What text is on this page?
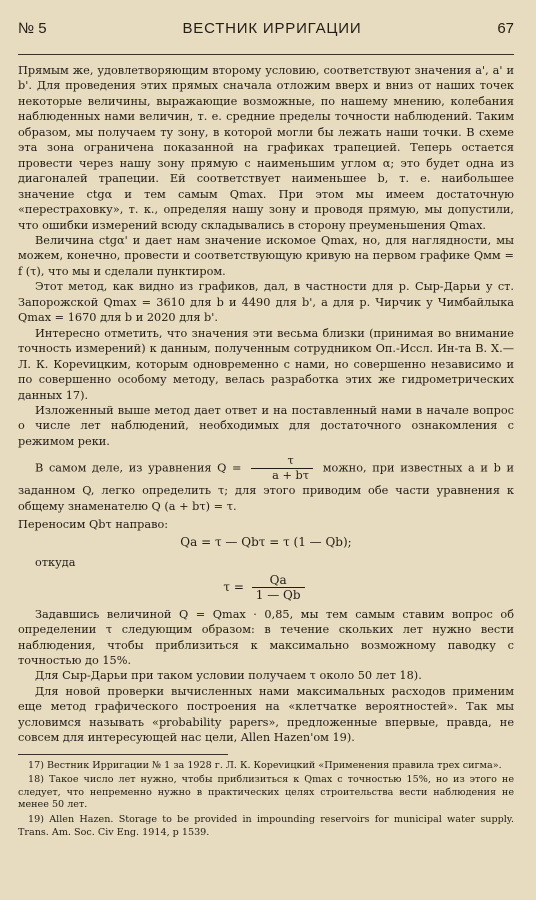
№ 5	ВЕСТНИК ИРРИГАЦИИ	67

Прямым же, удовлетворяющим второму условию, соответствуют значения a', a' и b'. Для проведения этих прямых сначала отложим вверх и вниз от наших точек некоторые величины, выражающие возможные, по нашему мнению, колебания наблюденных нами величин, т. е. средние пределы точности наблюдений. Таким образом, мы получаем ту зону, в которой могли бы лежать наши точки. В схеме эта зона ограничена показанной на графиках трапецией. Теперь остается провести через нашу зону прямую с наименьшим углом α; это будет одна из диагоналей трапеции. Ей соответствует наименьшее b, т. е. наибольшее значение ctgα и тем самым Qmax. При этом мы имеем достаточную «перестраховку», т. к., определяя нашу зону и проводя прямую, мы допустили, что ошибки измерений всюду складывались в сторону преуменьшения Qmax.

Величина ctgα' и дает нам значение искомое Qmax, но, для наглядности, мы можем, конечно, провести и соответствующую кривую на первом графике Qмм = f (τ), что мы и сделали пунктиром.

Этот метод, как видно из графиков, дал, в частности для р. Сыр-Дарьи у ст. Запорожской Qmax = 3610 для b и 4490 для b', а для р. Чирчик у Чимбайлыка Qmax = 1670 для b и 2020 для b'.

Интересно отметить, что значения эти весьма близки (принимая во внимание точность измерений) к данным, полученным сотрудником Оп.-Иссл. Ин-та В. Х.— Л. К. Корevицким, которым одновременно с нами, но совершенно независимо и по совершенно особому методу, велась разработка этих же гидрометрических данных 17).

Изложенный выше метод дает ответ и на поставленный нами в начале вопрос о числе лет наблюдений, необходимых для достаточного ознакомления с режимом реки.

В самом деле, из уравнения $Q = \frac{\tau}{a + b\tau}$ можно, при известных a и b и заданном Q, легко определить τ; для этого приводим обе части уравнения к общему знаменателю Q (a + bτ) = τ.

Переносим Qbτ направо:

Qa = τ — Qbτ = τ (1 — Qb);

откуда

$\tau = \frac{Qa}{1 — Qb}$

Задавшись величиной Q = Qmax · 0,85, мы тем самым ставим вопрос об определении τ следующим образом: в течение скольких лет нужно вести наблюдения, чтобы приблизиться к максимально возможному паводку с точностью до 15%.

Для Сыр-Дарьи при таком условии получаем τ около 50 лет 18).

Для новой проверки вычисленных нами максимальных расходов применим еще метод графического построения на «клетчатке вероятностей». Так мы условимся называть «probability papers», предложенные впервые, правда, не совсем для интересующей нас цели, Allen Hazen'ом 19).

17) Вестник Ирригации № 1 за 1928 г. Л. К. Корevицкий «Применения правила трех сигма».

18) Такое число лет нужно, чтобы приблизиться к Qmax с точностью 15%, но из этого не следует, что непременно нужно в практических целях строительства вести наблюдения не менее 50 лет.

19) Allen Hazen. Storage to be provided in impounding reservoirs for municipal water supply. Trans. Am. Soc. Civ Eng. 1914, p 1539.
